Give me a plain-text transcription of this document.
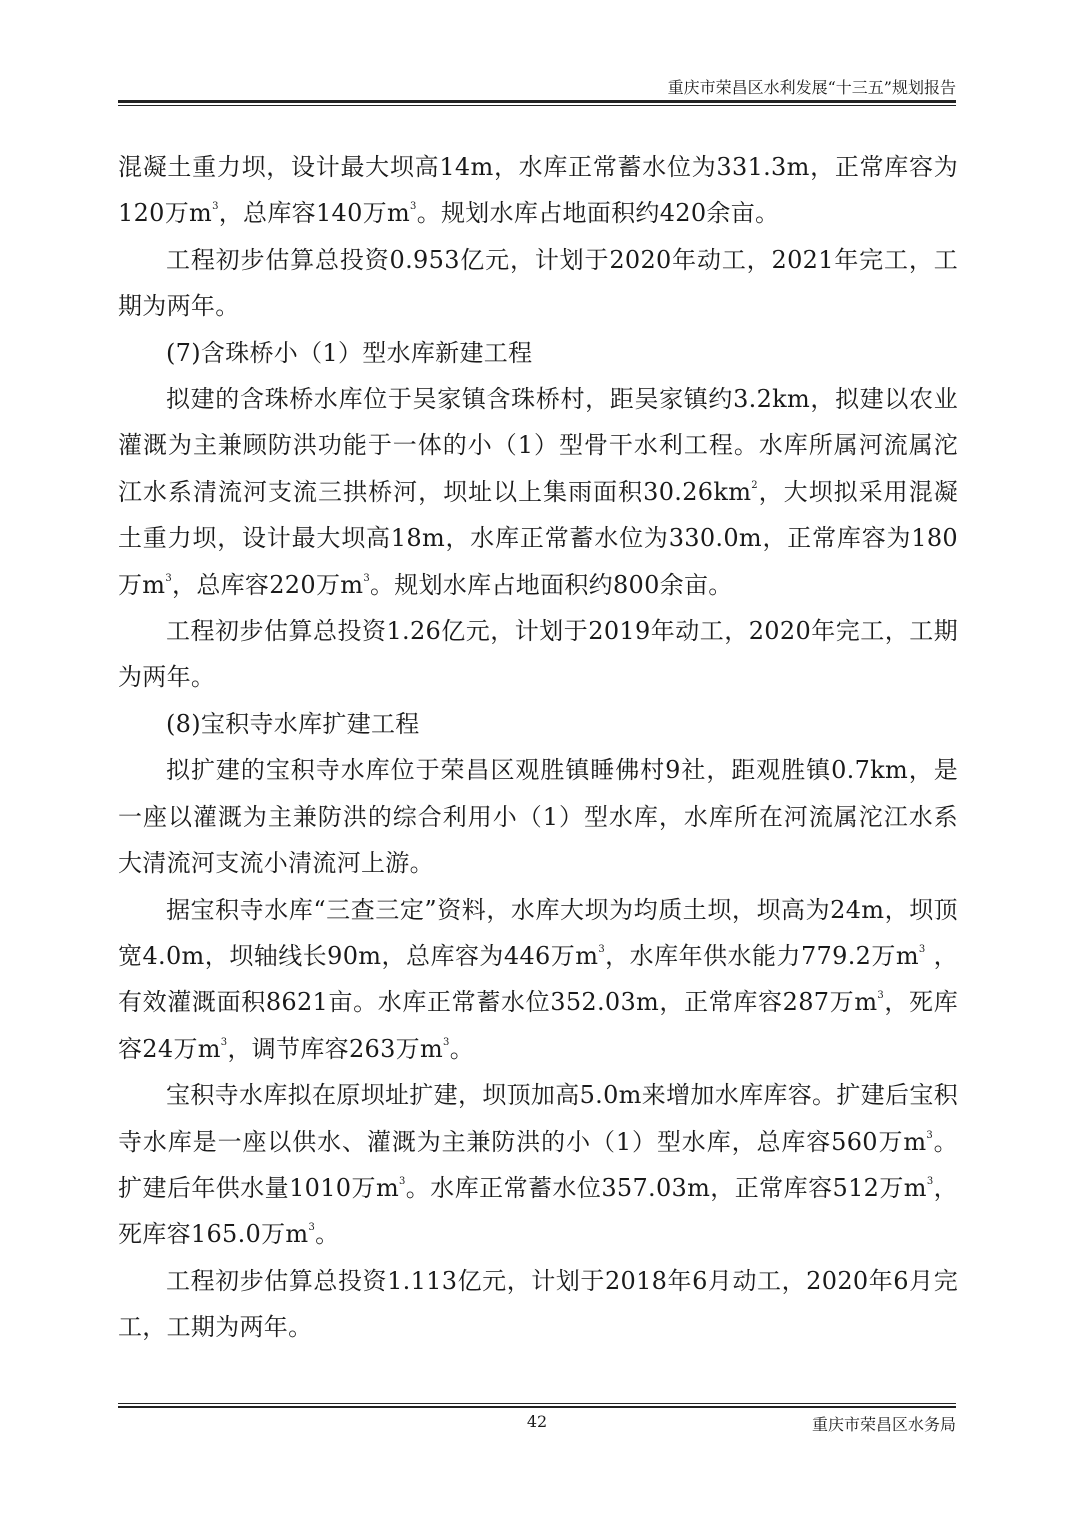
重庆市荣昌区水利发展“十三五”规划报告

混凝土重力坝，设计最大坝高14m，水库正常蓄水位为331.3m，正常库容为120万$m^3$，总库容140万$m^3$。规划水库占地面积约420余亩。

工程初步估算总投资0.953亿元，计划于2020年动工，2021年完工，工期为两年。

(7)含珠桥小（1）型水库新建工程

拟建的含珠桥水库位于吴家镇含珠桥村，距吴家镇约3.2km，拟建以农业灌溉为主兼顾防洪功能于一体的小（1）型骨干水利工程。水库所属河流属沱江水系清流河支流三拱桥河，坝址以上集雨面积$30.26km^2$，大坝拟采用混凝土重力坝，设计最大坝高18m，水库正常蓄水位为330.0m，正常库容为180万$m^3$，总库容220万$m^3$。规划水库占地面积约800余亩。

工程初步估算总投资1.26亿元，计划于2019年动工，2020年完工，工期为两年。

(8)宝积寺水库扩建工程

拟扩建的宝积寺水库位于荣昌区观胜镇睡佛村9社，距观胜镇0.7km，是一座以灌溉为主兼防洪的综合利用小（1）型水库，水库所在河流属沱江水系大清流河支流小清流河上游。

据宝积寺水库“三查三定”资料，水库大坝为均质土坝，坝高为24m，坝顶宽4.0m，坝轴线长90m，总库容为446万$m^3$，水库年供水能力779.2万$m^3$ ，有效灌溉面积8621亩。水库正常蓄水位352.03m，正常库容287万$m^3$，死库容24万$m^3$，调节库容263万$m^3$。

宝积寺水库拟在原坝址扩建，坝顶加高5.0m来增加水库库容。扩建后宝积寺水库是一座以供水、灌溉为主兼防洪的小（1）型水库，总库容560万$m^3$。扩建后年供水量1010万$m^3$。水库正常蓄水位357.03m，正常库容512万$m^3$，死库容165.0万$m^3$。

工程初步估算总投资1.113亿元，计划于2018年6月动工，2020年6月完工，工期为两年。

42	重庆市荣昌区水务局
